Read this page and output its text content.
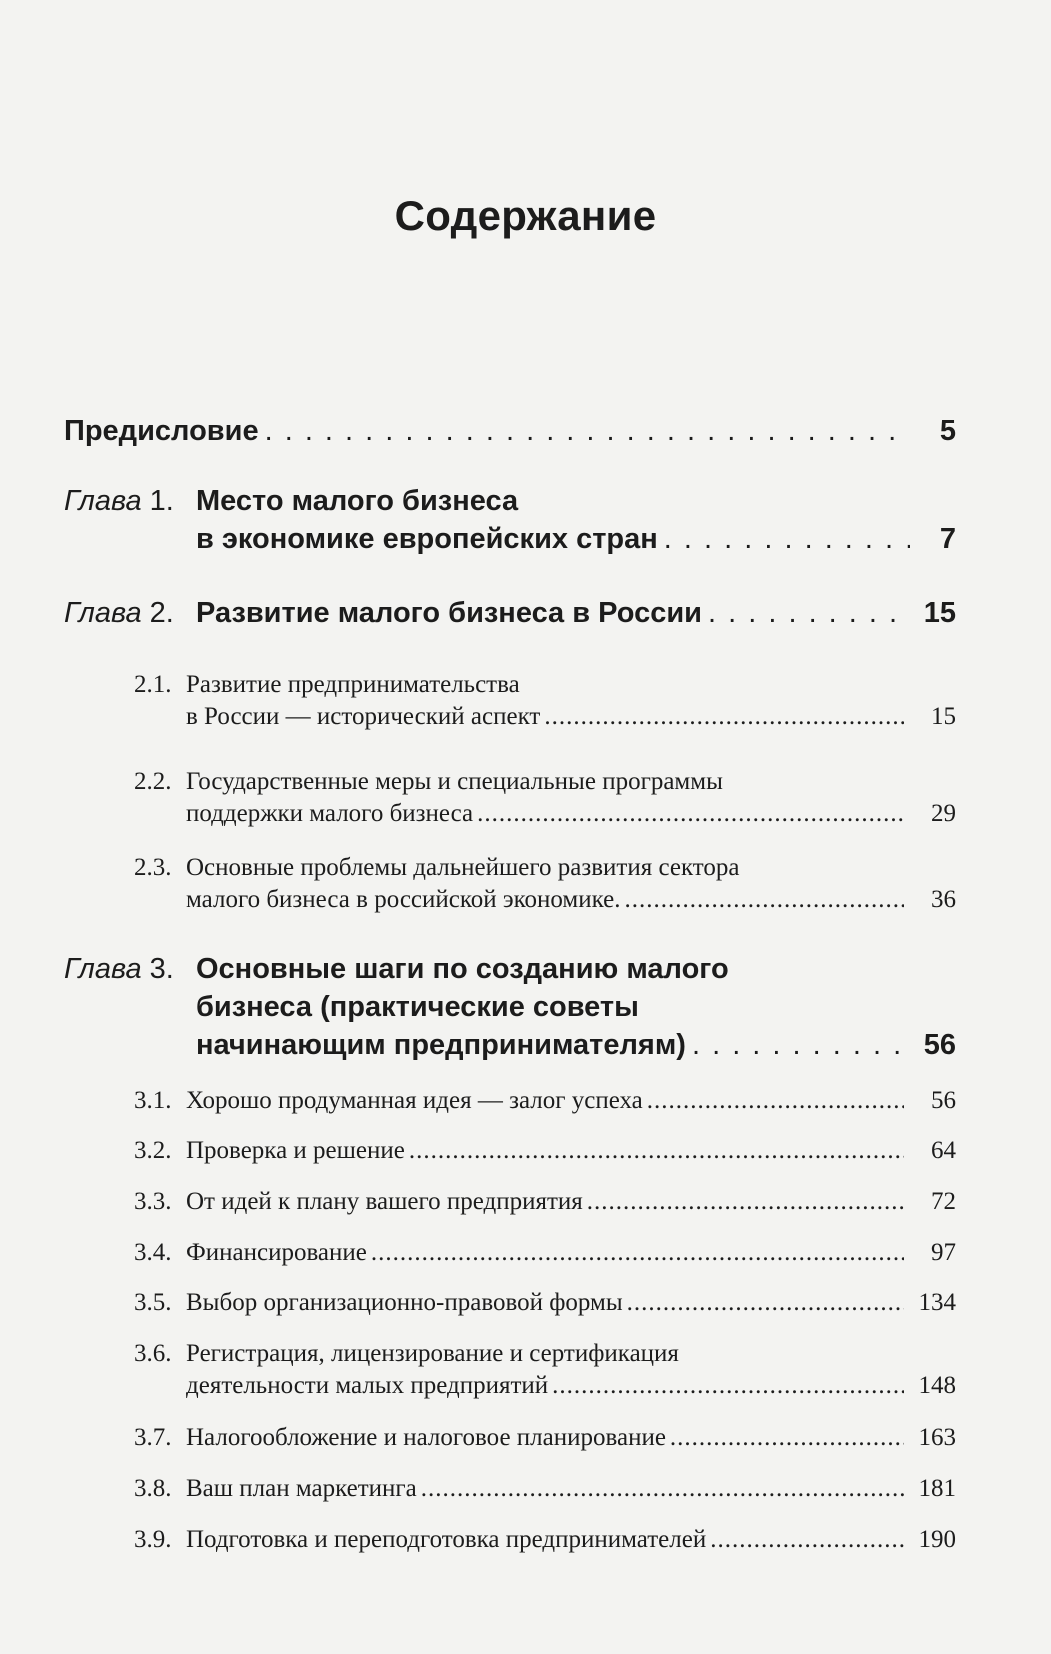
Содержание
Предисловие . . .	5
Глава 1. Место малого бизнеса
в экономике европейских стран . . .	7
Глава 2. Развитие малого бизнеса в России . . .	15
2.1. Развитие предпринимательства
в России — исторический аспект .....	15
2.2. Государственные меры и специальные программы
поддержки малого бизнеса .....	29
2.3. Основные проблемы дальнейшего развития сектора
малого бизнеса в российской экономике. .....	36
Глава 3. Основные шаги по созданию малого
бизнеса (практические советы
начинающим предпринимателям) . . .	56
3.1. Хорошо продуманная идея — залог успеха .....	56
3.2. Проверка и решение .....	64
3.3. От идей к плану вашего предприятия .....	72
3.4. Финансирование .....	97
3.5. Выбор организационно-правовой формы .....	134
3.6. Регистрация, лицензирование и сертификация
деятельности малых предприятий .....	148
3.7. Налогообложение и налоговое планирование .....	163
3.8. Ваш план маркетинга .....	181
3.9. Подготовка и переподготовка предпринимателей .....	190
